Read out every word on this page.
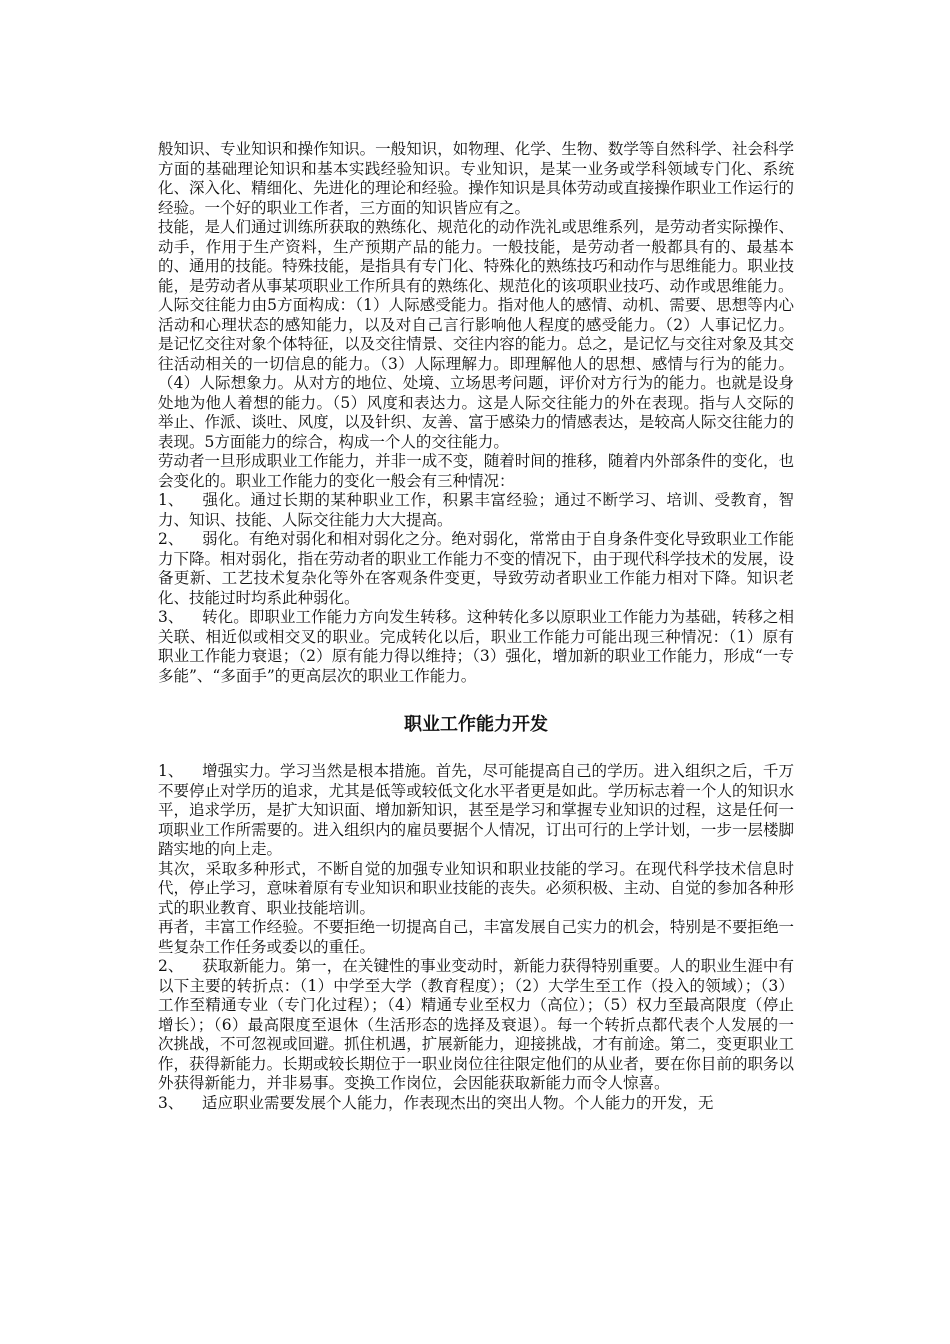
般知识、专业知识和操作知识。一般知识，如物理、化学、生物、数学等自然科学、社会科学方面的基础理论知识和基本实践经验知识。专业知识，是某一业务或学科领域专门化、系统化、深入化、精细化、先进化的理论和经验。操作知识是具体劳动或直接操作职业工作运行的经验。一个好的职业工作者，三方面的知识皆应有之。

技能，是人们通过训练所获取的熟练化、规范化的动作洗礼或思维系列，是劳动者实际操作、动手，作用于生产资料，生产预期产品的能力。一般技能，是劳动者一般都具有的、最基本的、通用的技能。特殊技能，是指具有专门化、特殊化的熟练技巧和动作与思维能力。职业技能，是劳动者从事某项职业工作所具有的熟练化、规范化的该项职业技巧、动作或思维能力。

人际交往能力由5方面构成：（1）人际感受能力。指对他人的感情、动机、需要、思想等内心活动和心理状态的感知能力，以及对自己言行影响他人程度的感受能力。（2）人事记忆力。是记忆交往对象个体特征，以及交往情景、交往内容的能力。总之，是记忆与交往对象及其交往活动相关的一切信息的能力。（3）人际理解力。即理解他人的思想、感情与行为的能力。（4）人际想象力。从对方的地位、处境、立场思考问题，评价对方行为的能力。也就是设身处地为他人着想的能力。（5）风度和表达力。这是人际交往能力的外在表现。指与人交际的举止、作派、谈吐、风度，以及针织、友善、富于感染力的情感表达，是较高人际交往能力的表现。5方面能力的综合，构成一个人的交往能力。

劳动者一旦形成职业工作能力，并非一成不变，随着时间的推移，随着内外部条件的变化，也会变化的。职业工作能力的变化一般会有三种情况：

1、 强化。通过长期的某种职业工作，积累丰富经验；通过不断学习、培训、受教育，智力、知识、技能、人际交往能力大大提高。

2、 弱化。有绝对弱化和相对弱化之分。绝对弱化，常常由于自身条件变化导致职业工作能力下降。相对弱化，指在劳动者的职业工作能力不变的情况下，由于现代科学技术的发展，设备更新、工艺技术复杂化等外在客观条件变更，导致劳动者职业工作能力相对下降。知识老化、技能过时均系此种弱化。

3、 转化。即职业工作能力方向发生转移。这种转化多以原职业工作能力为基础，转移之相关联、相近似或相交叉的职业。完成转化以后，职业工作能力可能出现三种情况：（1）原有职业工作能力衰退；（2）原有能力得以维持；（3）强化，增加新的职业工作能力，形成“一专多能”、“多面手”的更高层次的职业工作能力。

职业工作能力开发

1、 增强实力。学习当然是根本措施。首先，尽可能提高自己的学历。进入组织之后，千万不要停止对学历的追求，尤其是低等或较低文化水平者更是如此。学历标志着一个人的知识水平，追求学历，是扩大知识面、增加新知识，甚至是学习和掌握专业知识的过程，这是任何一项职业工作所需要的。进入组织内的雇员要据个人情况，订出可行的上学计划，一步一层楼脚踏实地的向上走。

其次，采取多种形式，不断自觉的加强专业知识和职业技能的学习。在现代科学技术信息时代，停止学习，意味着原有专业知识和职业技能的丧失。必须积极、主动、自觉的参加各种形式的职业教育、职业技能培训。

再者，丰富工作经验。不要拒绝一切提高自己，丰富发展自己实力的机会，特别是不要拒绝一些复杂工作任务或委以的重任。

2、 获取新能力。第一，在关键性的事业变动时，新能力获得特别重要。人的职业生涯中有以下主要的转折点：（1）中学至大学（教育程度）；（2）大学生至工作（投入的领域）；（3）工作至精通专业（专门化过程）；（4）精通专业至权力（高位）；（5）权力至最高限度（停止增长）；（6）最高限度至退休（生活形态的选择及衰退）。每一个转折点都代表个人发展的一次挑战，不可忽视或回避。抓住机遇，扩展新能力，迎接挑战，才有前途。第二，变更职业工作，获得新能力。长期或较长期位于一职业岗位往往限定他们的从业者，要在你目前的职务以外获得新能力，并非易事。变换工作岗位，会因能获取新能力而令人惊喜。

3、 适应职业需要发展个人能力，作表现杰出的突出人物。个人能力的开发，无
